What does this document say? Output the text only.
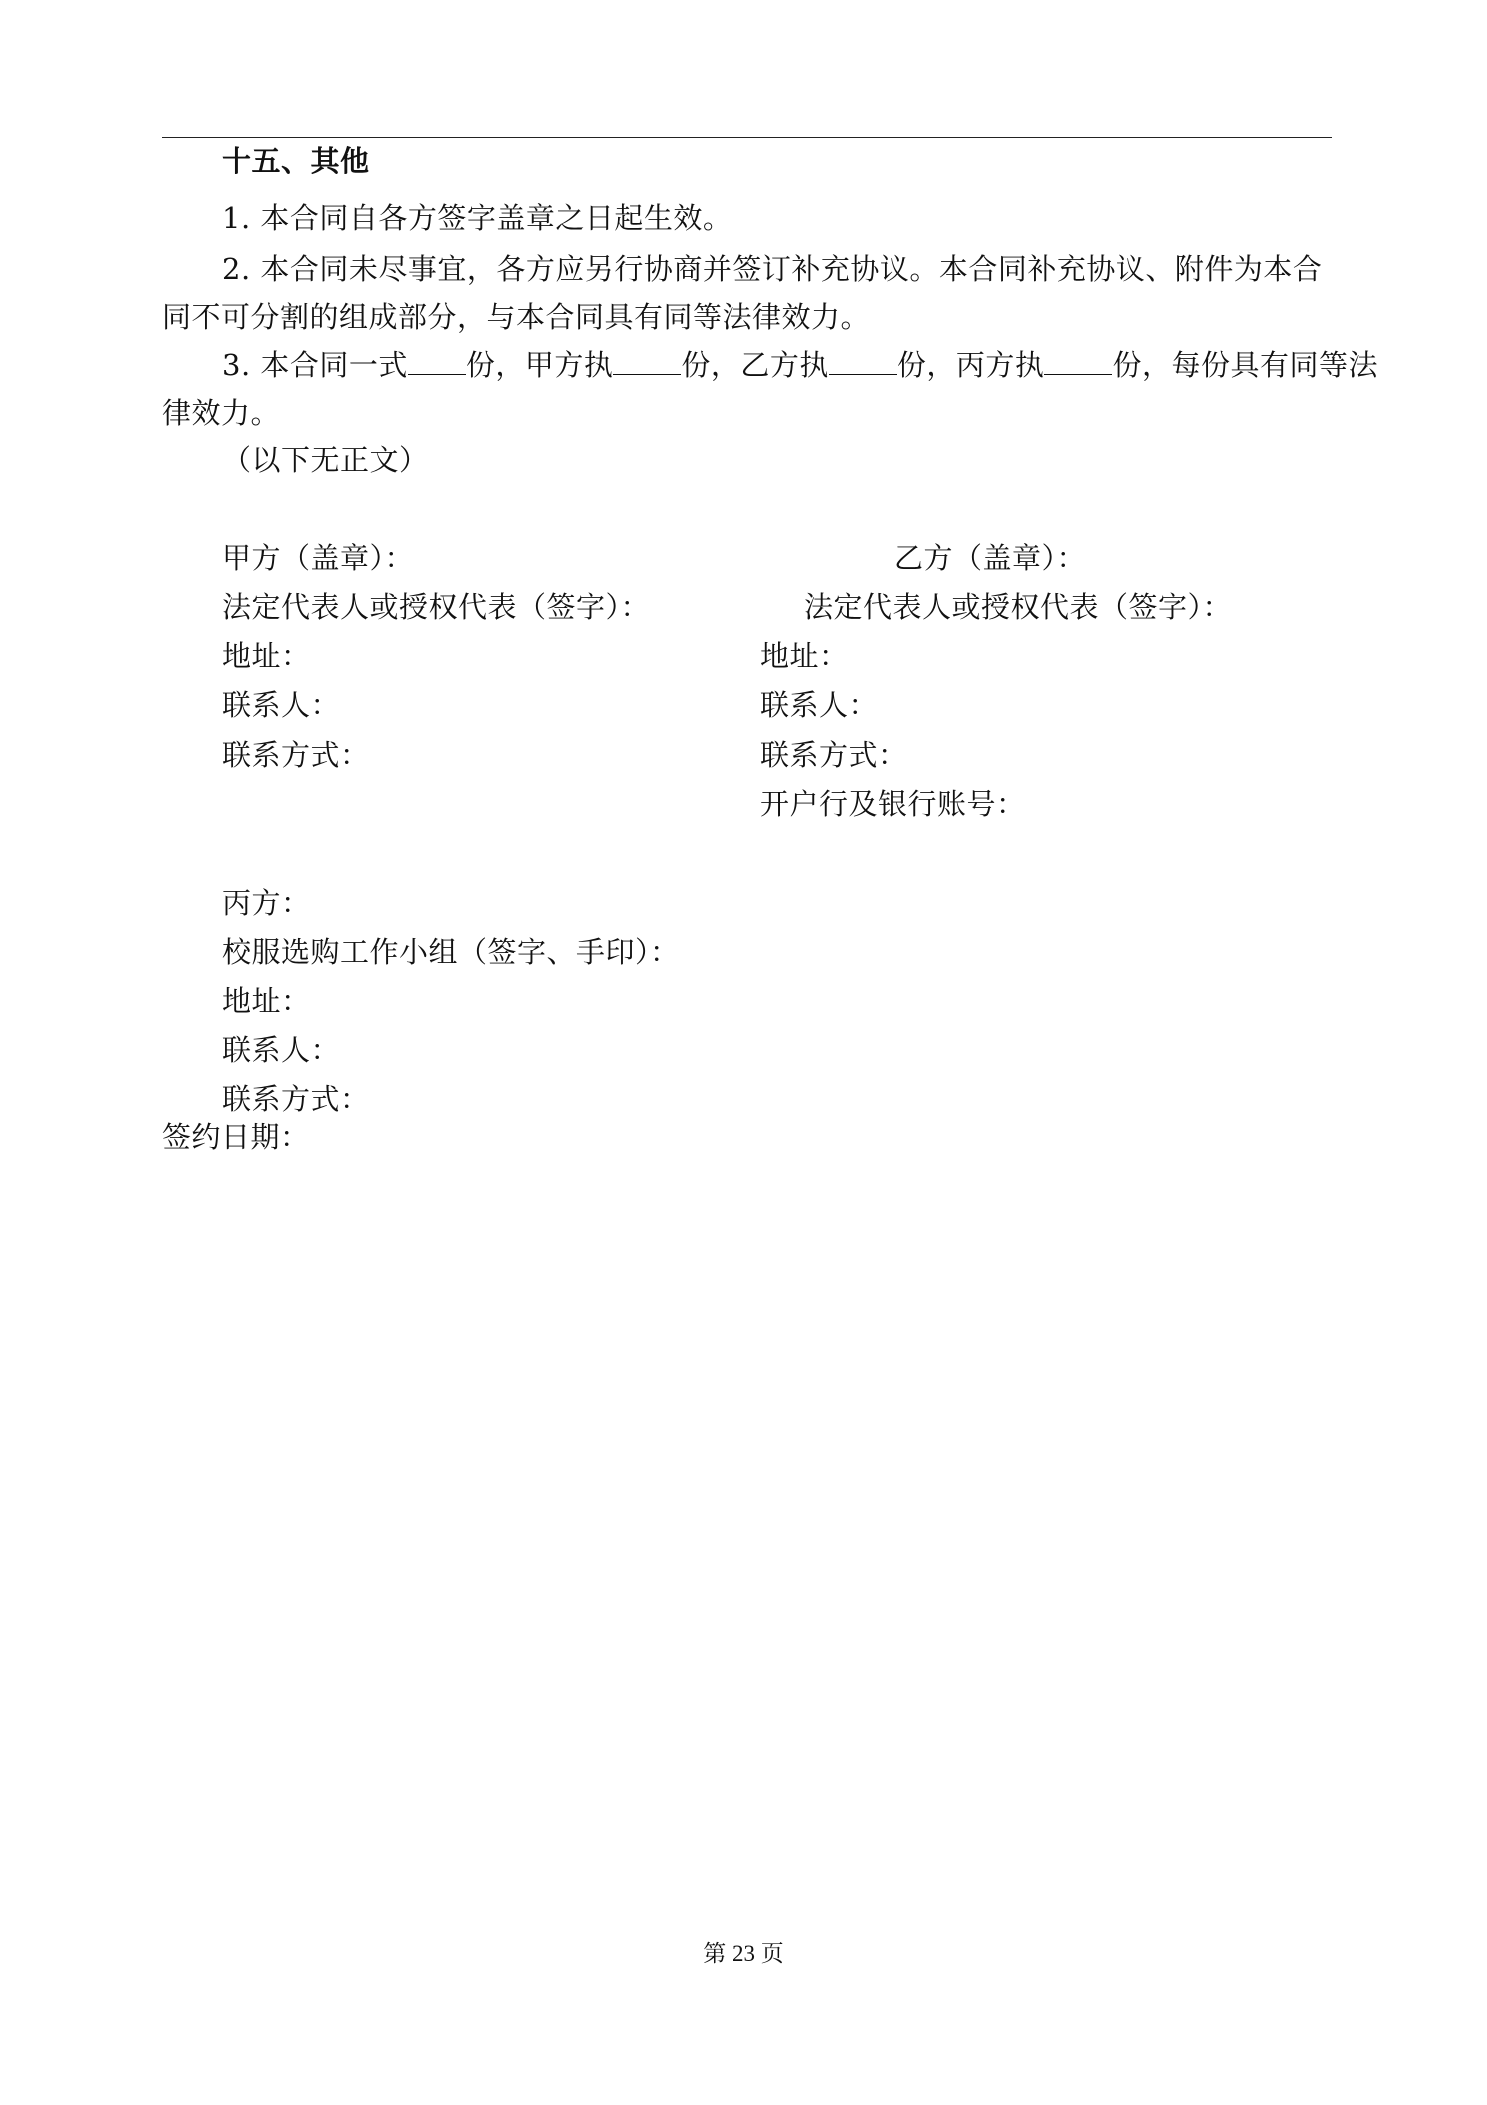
十五、其他
1. 本合同自各方签字盖章之日起生效。
2. 本合同未尽事宜，各方应另行协商并签订补充协议。本合同补充协议、附件为本合
同不可分割的组成部分，与本合同具有同等法律效力。
3. 本合同一式 份，甲方执 份，乙方执 份，丙方执 份，每份具有同等法
律效力。
（以下无正文）
甲方（盖章）：
法定代表人或授权代表（签字）：
地址：
联系人：
联系方式：
乙方（盖章）：
法定代表人或授权代表（签字）：
地址：
联系人：
联系方式：
开户行及银行账号：
丙方：
校服选购工作小组（签字、手印）：
地址：
联系人：
联系方式：
签约日期：
第 23 页
